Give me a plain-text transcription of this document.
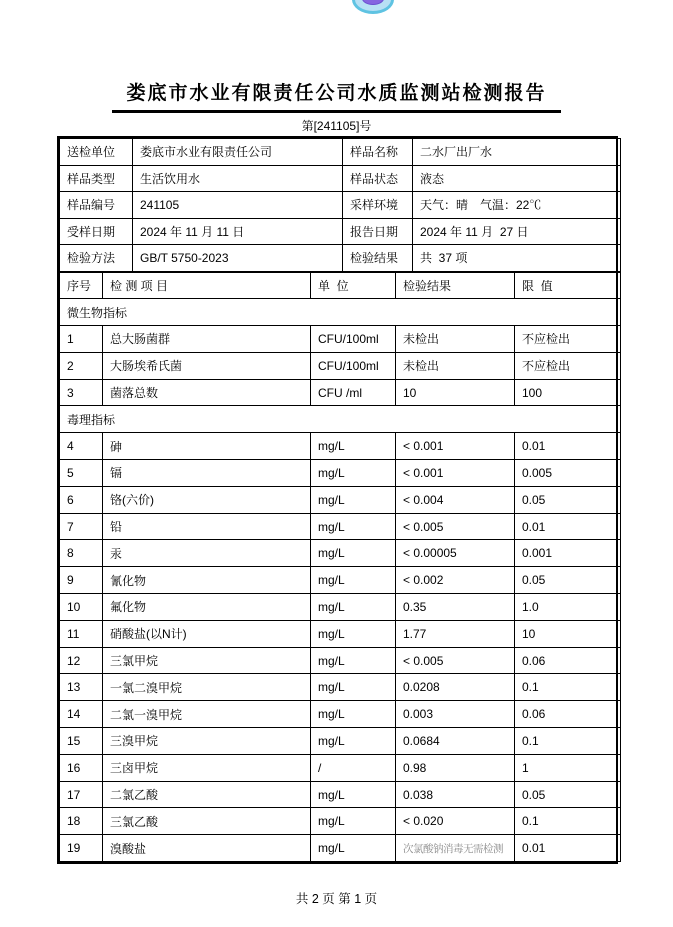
娄底市水业有限责任公司水质监测站检测报告
第[241105]号
送检单位	娄底市水业有限责任公司	样品名称	二水厂出厂水
样品类型	生活饮用水	样品状态	液态
样品编号	241105	采样环境	天气：晴　气温：22℃
受样日期	2024 年 11 月 11 日	报告日期	2024 年 11 月  27 日
检验方法	GB/T 5750-2023	检验结果	共  37 项
序号	检 测 项 目	单  位	检验结果	限  值
微生物指标				
1	总大肠菌群	CFU/100ml	未检出	不应检出
2	大肠埃希氏菌	CFU/100ml	未检出	不应检出
3	菌落总数	CFU /ml	10	100
毒理指标				
4	砷	mg/L	< 0.001	0.01
5	镉	mg/L	< 0.001	0.005
6	铬(六价)	mg/L	< 0.004	0.05
7	铅	mg/L	< 0.005	0.01
8	汞	mg/L	< 0.00005	0.001
9	氰化物	mg/L	< 0.002	0.05
10	氟化物	mg/L	0.35	1.0
11	硝酸盐(以N计)	mg/L	1.77	10
12	三氯甲烷	mg/L	< 0.005	0.06
13	一氯二溴甲烷	mg/L	0.0208	0.1
14	二氯一溴甲烷	mg/L	0.003	0.06
15	三溴甲烷	mg/L	0.0684	0.1
16	三卤甲烷	/	0.98	1
17	二氯乙酸	mg/L	0.038	0.05
18	三氯乙酸	mg/L	< 0.020	0.1
19	溴酸盐	mg/L	次氯酸钠消毒无需检测	0.01
共 2 页 第 1 页
